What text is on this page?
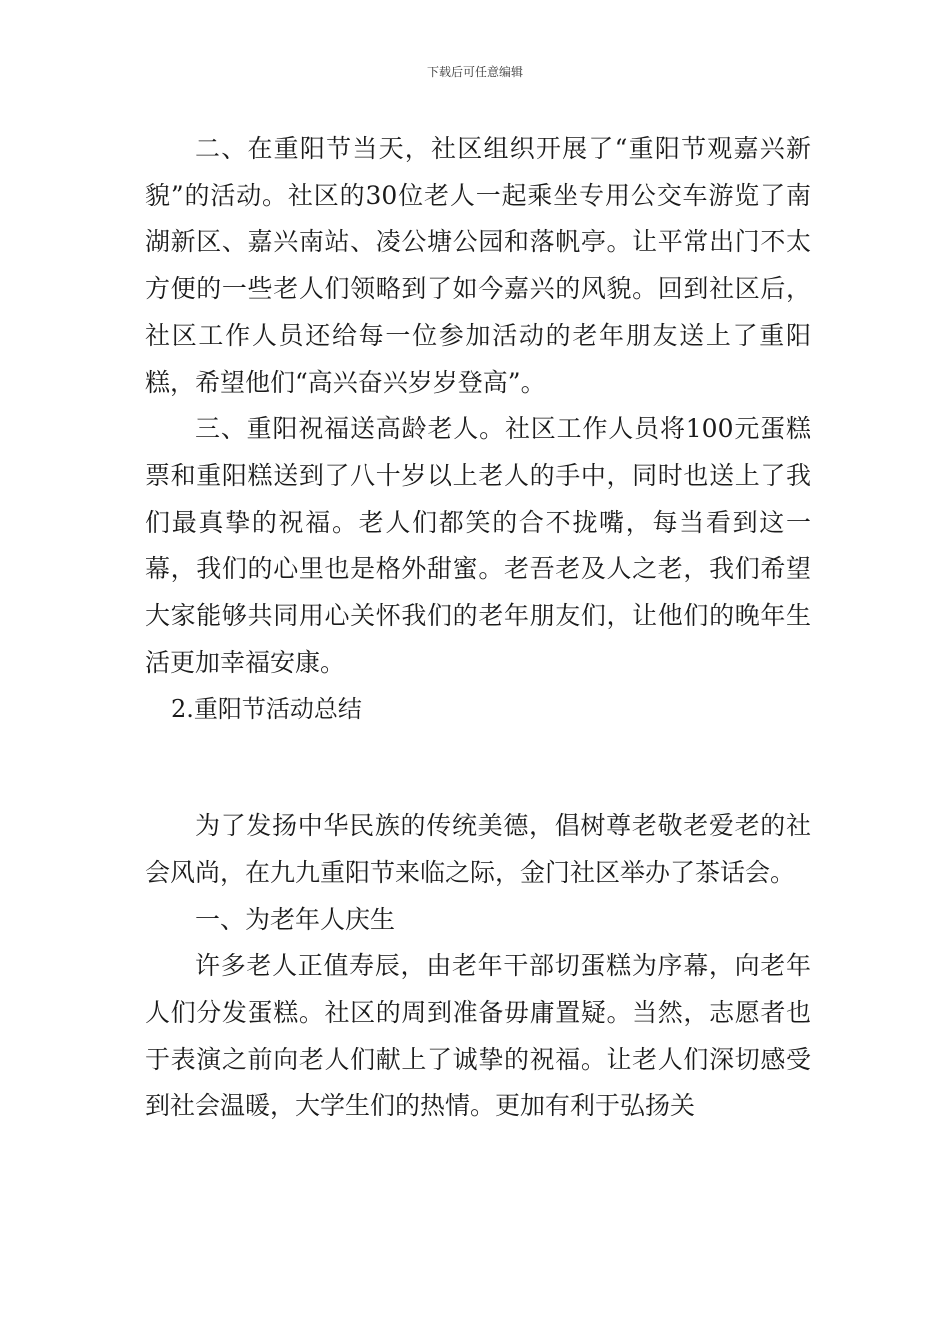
下载后可任意编辑

二、在重阳节当天，社区组织开展了“重阳节观嘉兴新貌”的活动。社区的30位老人一起乘坐专用公交车游览了南湖新区、嘉兴南站、凌公塘公园和落帆亭。让平常出门不太方便的一些老人们领略到了如今嘉兴的风貌。回到社区后，社区工作人员还给每一位参加活动的老年朋友送上了重阳糕，希望他们“高兴奋兴岁岁登高”。

三、重阳祝福送高龄老人。社区工作人员将100元蛋糕票和重阳糕送到了八十岁以上老人的手中，同时也送上了我们最真挚的祝福。老人们都笑的合不拢嘴，每当看到这一幕，我们的心里也是格外甜蜜。老吾老及人之老，我们希望大家能够共同用心关怀我们的老年朋友们，让他们的晚年生活更加幸福安康。

2.重阳节活动总结

为了发扬中华民族的传统美德，倡树尊老敬老爱老的社会风尚，在九九重阳节来临之际，金门社区举办了茶话会。

一、为老年人庆生

许多老人正值寿辰，由老年干部切蛋糕为序幕，向老年人们分发蛋糕。社区的周到准备毋庸置疑。当然，志愿者也于表演之前向老人们献上了诚挚的祝福。让老人们深切感受到社会温暖，大学生们的热情。更加有利于弘扬关
